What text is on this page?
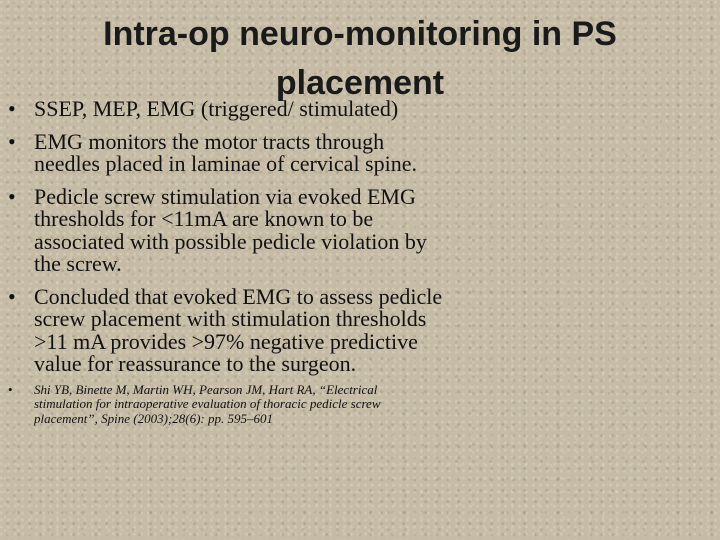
Intra-op neuro-monitoring in PS placement
• SSEP, MEP, EMG (triggered/ stimulated)
• EMG monitors the motor tracts through needles placed in laminae of cervical spine.
• Pedicle screw stimulation via evoked EMG thresholds for <11mA are known to be associated with possible pedicle violation by the screw.
• Concluded that evoked EMG to assess pedicle screw placement with stimulation thresholds >11 mA provides >97% negative predictive value for reassurance to the surgeon.
• Shi YB, Binette M, Martin WH, Pearson JM, Hart RA, “Electrical stimulation for intraoperative evaluation of thoracic pedicle screw placement”, Spine (2003);28(6): pp. 595–601
